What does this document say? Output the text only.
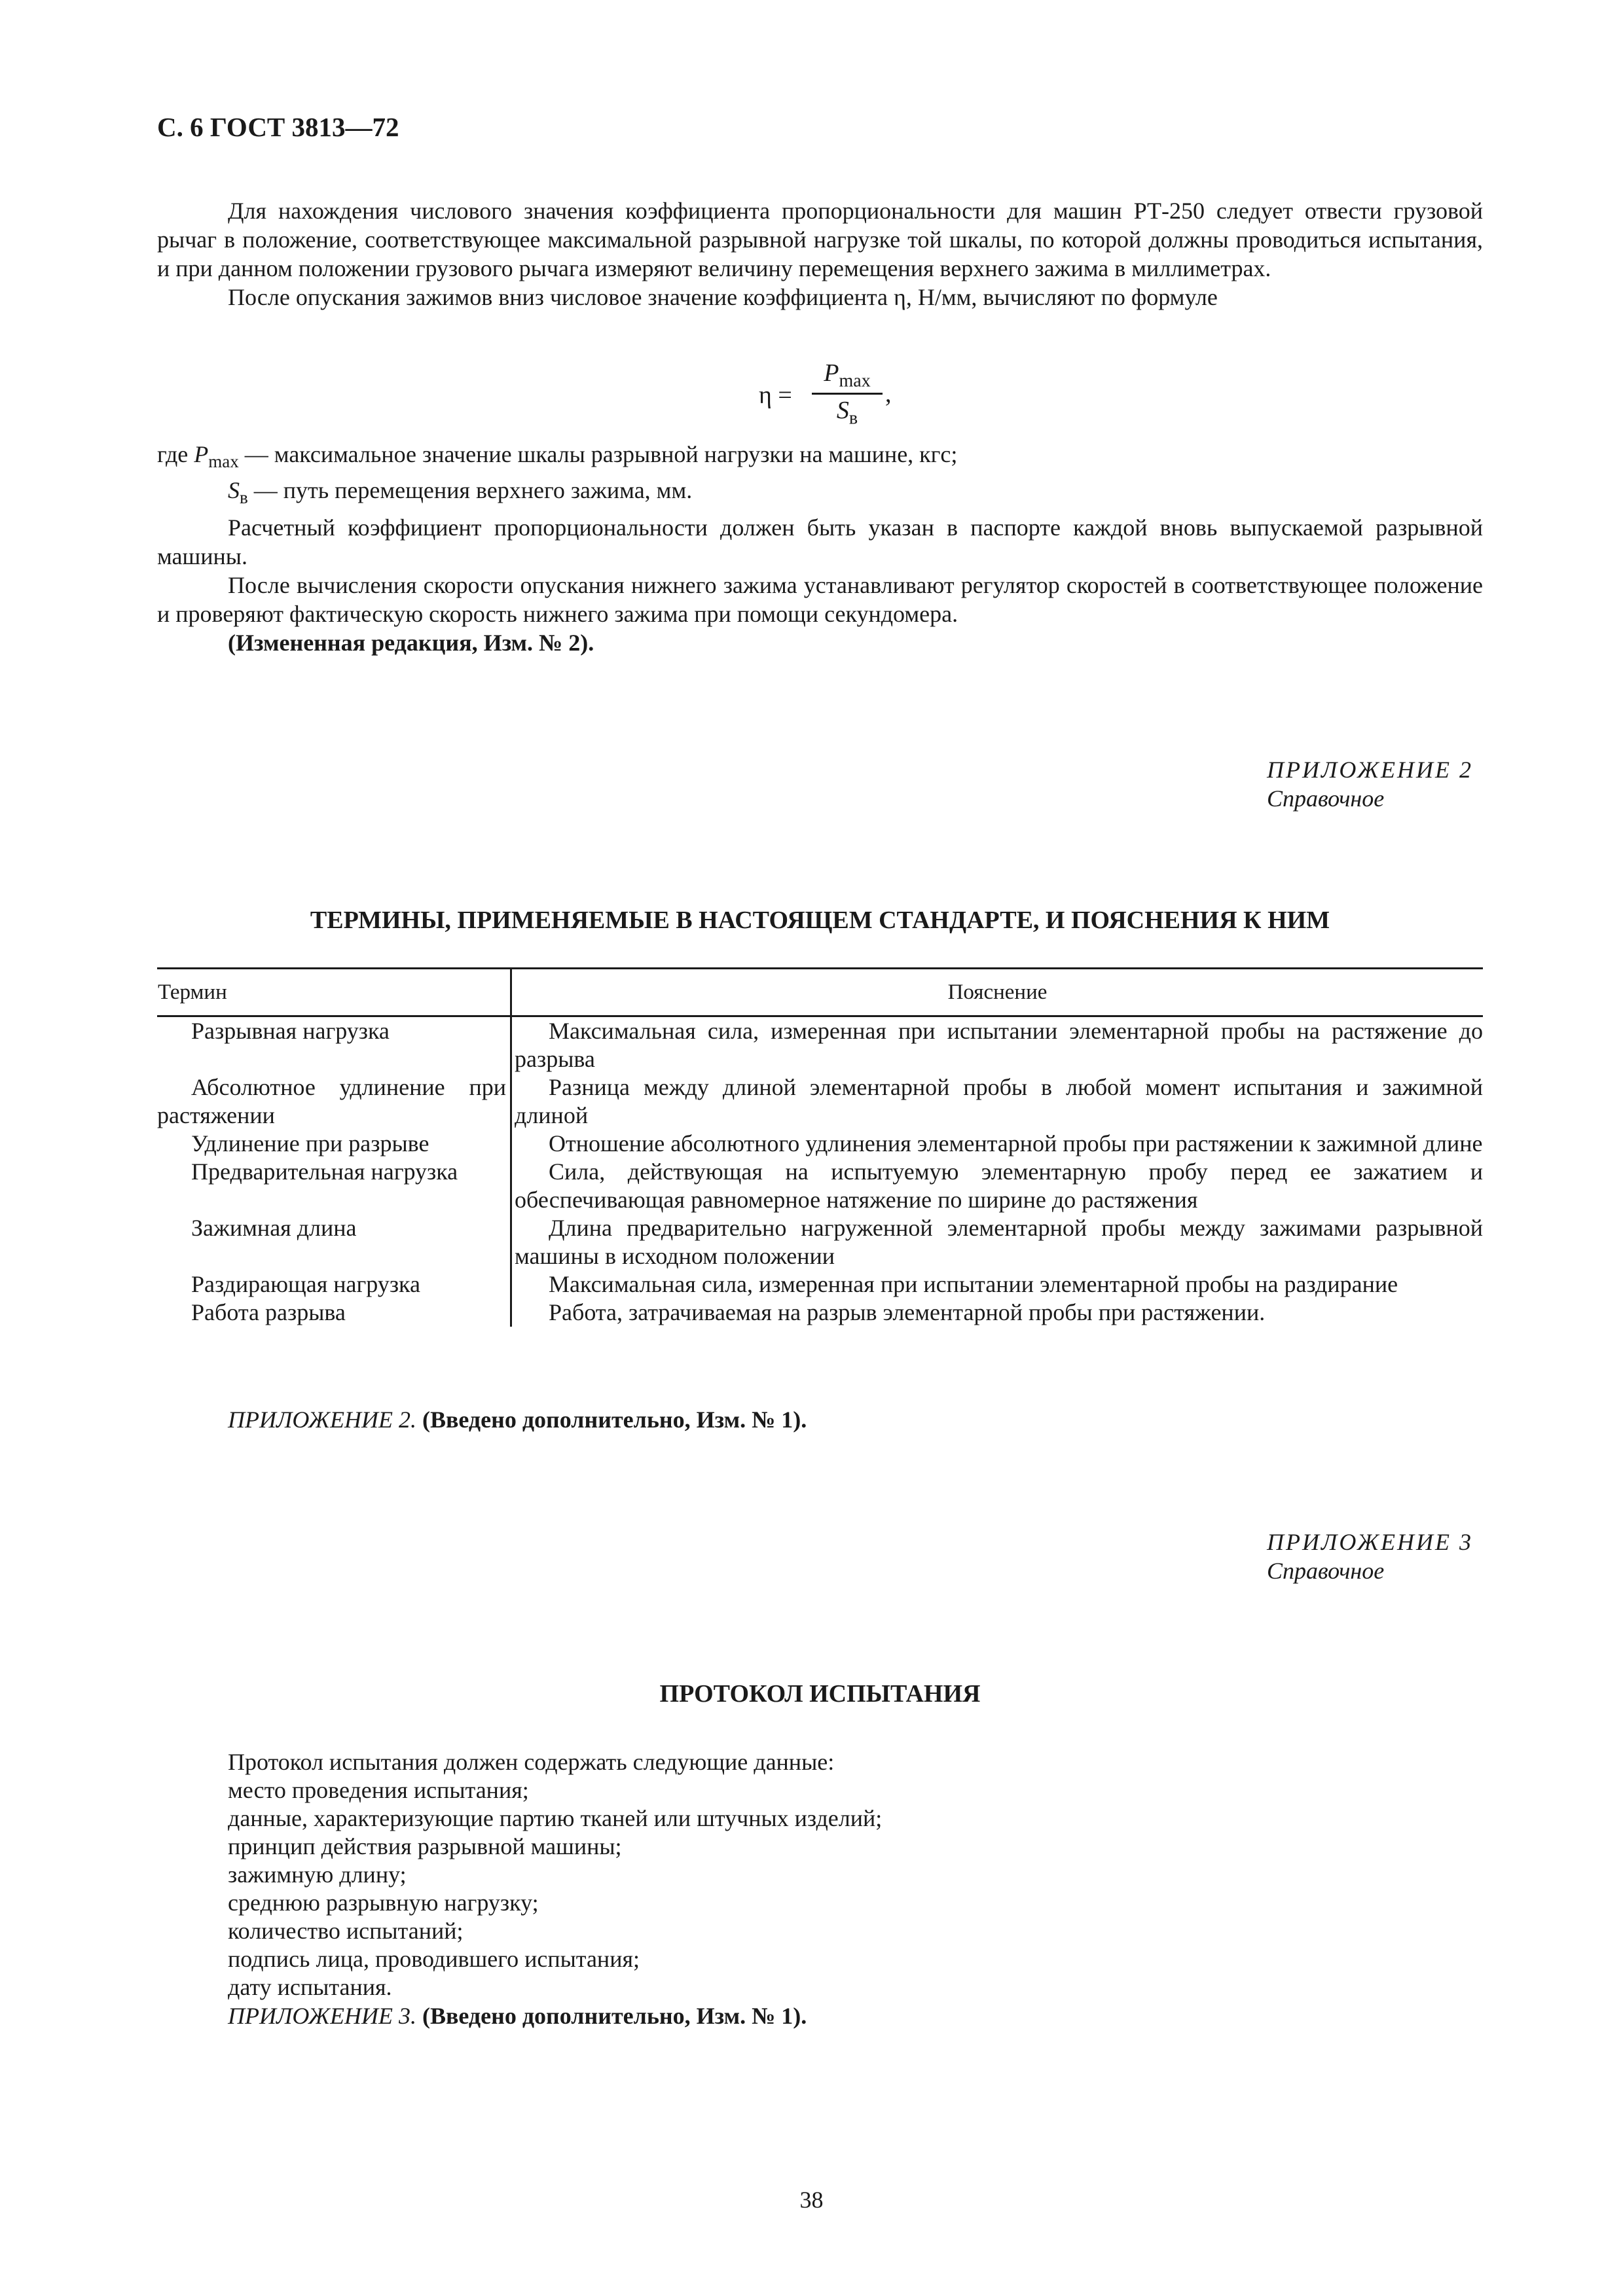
С. 6 ГОСТ 3813—72

Для нахождения числового значения коэффициента пропорциональности для машин РТ-250 следует отвести грузовой рычаг в положение, соответствующее максимальной разрывной нагрузке той шкалы, по которой должны проводиться испытания, и при данном положении грузового рычага измеряют величину перемещения верхнего зажима в миллиметрах.

После опускания зажимов вниз числовое значение коэффициента η, Н/мм, вычисляют по формуле

η =
$P_{max}$
$S_в$
,
где $P_{max}$ — максимальное значение шкалы разрывной нагрузки на машине, кгс;
$S_в$ — путь перемещения верхнего зажима, мм.

Расчетный коэффициент пропорциональности должен быть указан в паспорте каждой вновь выпускаемой разрывной машины.

После вычисления скорости опускания нижнего зажима устанавливают регулятор скоростей в соответствующее положение и проверяют фактическую скорость нижнего зажима при помощи секундомера.

(Измененная редакция, Изм. № 2).

ПРИЛОЖЕНИЕ 2
Справочное
ТЕРМИНЫ, ПРИМЕНЯЕМЫЕ В НАСТОЯЩЕМ СТАНДАРТЕ, И ПОЯСНЕНИЯ К НИМ
Термин	Пояснение
Разрывная нагрузка	Максимальная сила, измеренная при испытании элементарной пробы на растяжение до разрыва
Абсолютное удлинение при растяжении	Разница между длиной элементарной пробы в любой момент испытания и зажимной длиной
Удлинение при разрыве	Отношение абсолютного удлинения элементарной пробы при растяжении к зажимной длине
Предварительная нагрузка	Сила, действующая на испытуемую элементарную пробу перед ее зажатием и обеспечивающая равномерное натяжение по ширине до растяжения
Зажимная длина	Длина предварительно нагруженной элементарной пробы между зажимами разрывной машины в исходном положении
Раздирающая нагрузка	Максимальная сила, измеренная при испытании элементарной пробы на раздирание
Работа разрыва	Работа, затрачиваемая на разрыв элементарной пробы при растяжении.
ПРИЛОЖЕНИЕ 2. (Введено дополнительно, Изм. № 1).
ПРИЛОЖЕНИЕ 3
Справочное
ПРОТОКОЛ ИСПЫТАНИЯ
Протокол испытания должен содержать следующие данные:
место проведения испытания;
данные, характеризующие партию тканей или штучных изделий;
принцип действия разрывной машины;
зажимную длину;
среднюю разрывную нагрузку;
количество испытаний;
подпись лица, проводившего испытания;
дату испытания.
ПРИЛОЖЕНИЕ 3. (Введено дополнительно, Изм. № 1).
38
